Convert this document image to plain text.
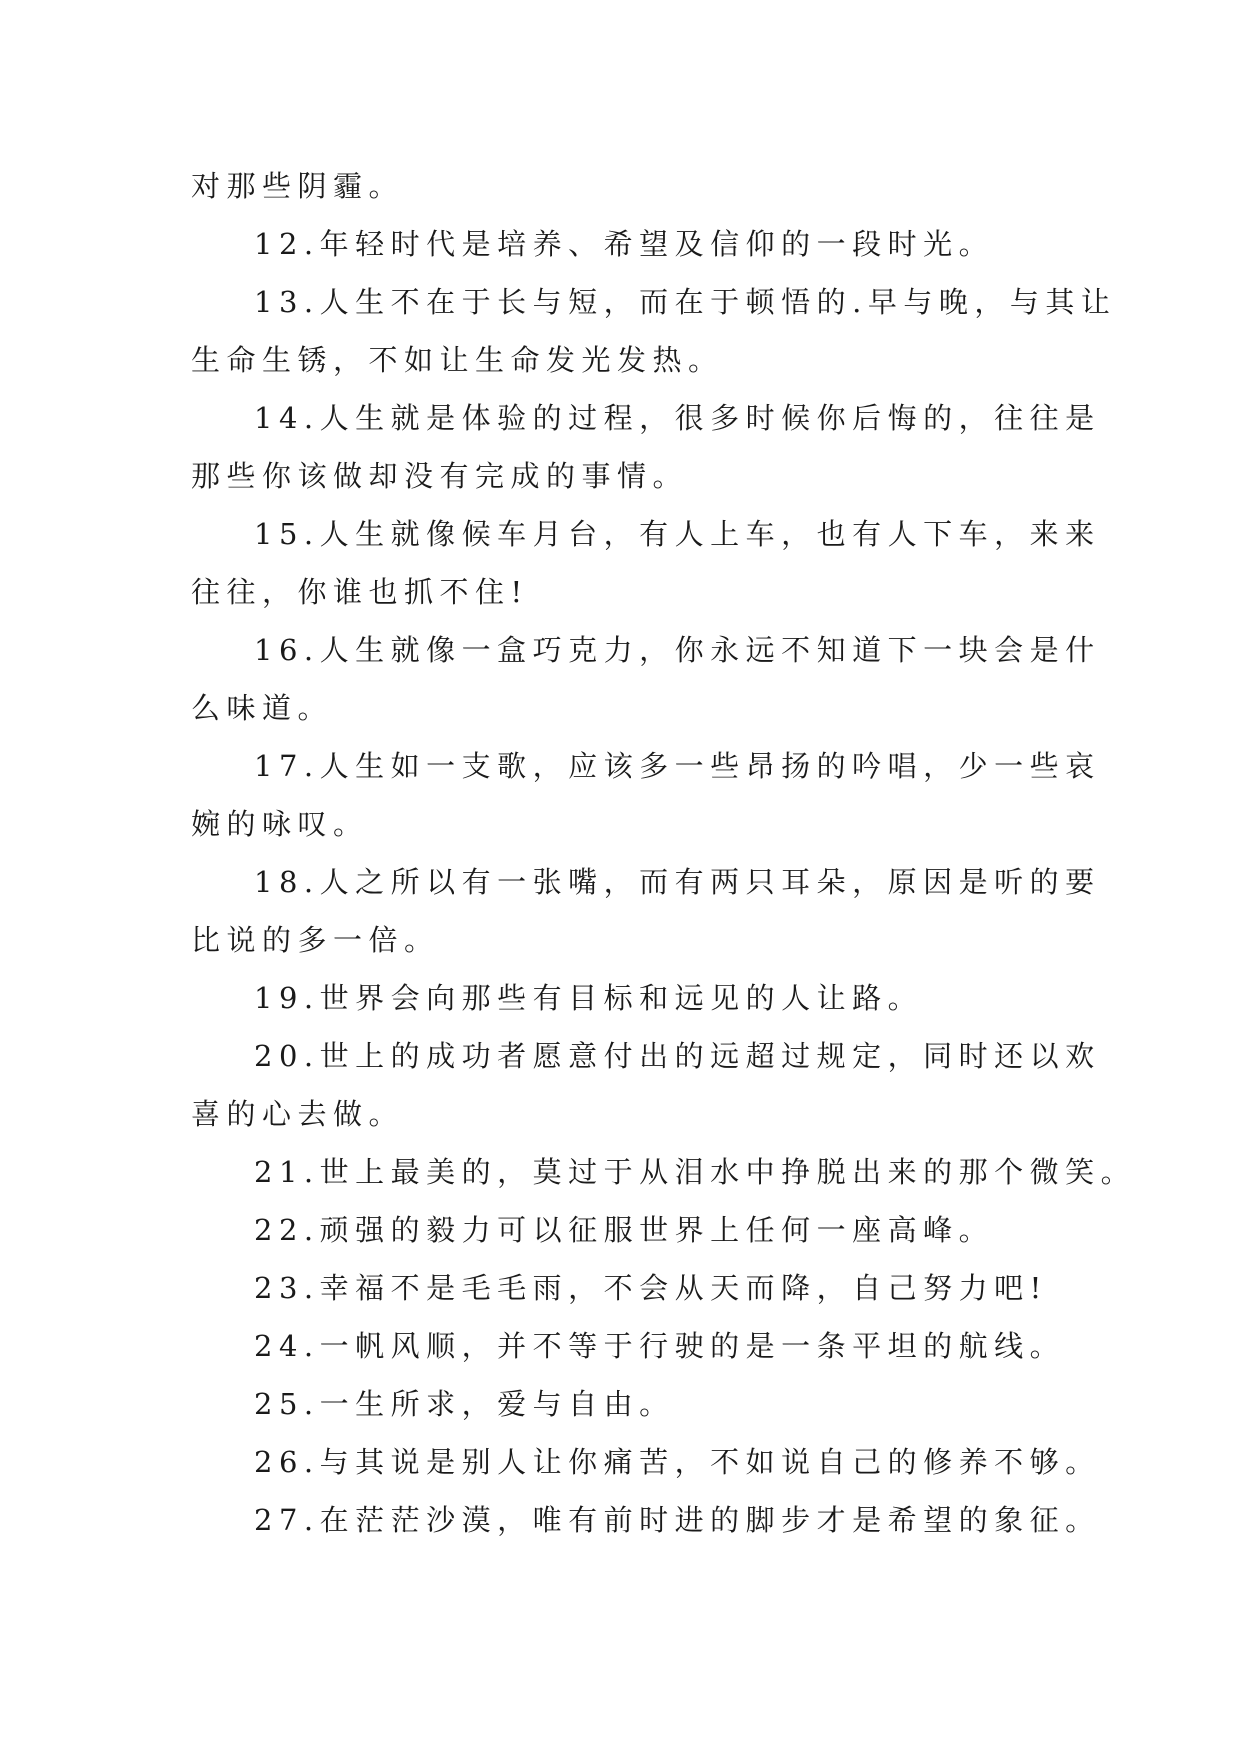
对那些阴霾。
12.年轻时代是培养、希望及信仰的一段时光。
13.人生不在于长与短，而在于顿悟的.早与晚，与其让
生命生锈，不如让生命发光发热。
14.人生就是体验的过程，很多时候你后悔的，往往是
那些你该做却没有完成的事情。
15.人生就像候车月台，有人上车，也有人下车，来来
往往，你谁也抓不住!
16.人生就像一盒巧克力，你永远不知道下一块会是什
么味道。
17.人生如一支歌，应该多一些昂扬的吟唱，少一些哀
婉的咏叹。
18.人之所以有一张嘴，而有两只耳朵，原因是听的要
比说的多一倍。
19.世界会向那些有目标和远见的人让路。
20.世上的成功者愿意付出的远超过规定，同时还以欢
喜的心去做。
21.世上最美的，莫过于从泪水中挣脱出来的那个微笑。
22.顽强的毅力可以征服世界上任何一座高峰。
23.幸福不是毛毛雨，不会从天而降，自己努力吧!
24.一帆风顺，并不等于行驶的是一条平坦的航线。
25.一生所求，爱与自由。
26.与其说是别人让你痛苦，不如说自己的修养不够。
27.在茫茫沙漠，唯有前时进的脚步才是希望的象征。
